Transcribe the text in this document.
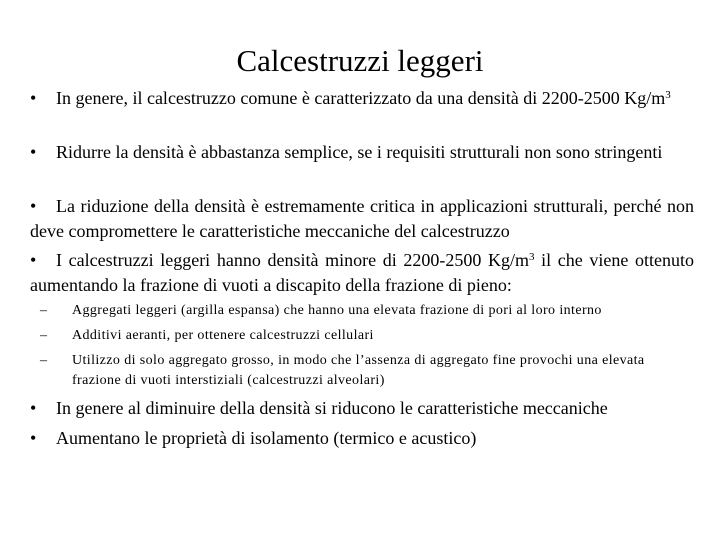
Calcestruzzi leggeri
•	In genere, il calcestruzzo comune è caratterizzato da una densità di 2200-2500 $Kg/m^3$
•	Ridurre la densità è abbastanza semplice, se i requisiti strutturali non sono stringenti
•	La riduzione della densità è estremamente critica in applicazioni strutturali, perché non deve compromettere le caratteristiche meccaniche del calcestruzzo
•	I calcestruzzi leggeri hanno densità minore di 2200-2500 $Kg/m^3$ il che viene ottenuto aumentando la frazione di vuoti a discapito della frazione di pieno:
–	Aggregati leggeri (argilla espansa) che hanno una elevata frazione di pori al loro interno
–	Additivi aeranti, per ottenere calcestruzzi cellulari
–	Utilizzo di solo aggregato grosso, in modo che l’assenza di aggregato fine provochi una elevata frazione di vuoti interstiziali (calcestruzzi alveolari)
•	In genere al diminuire della densità si riducono le caratteristiche meccaniche
•	Aumentano le proprietà di isolamento (termico e acustico)
